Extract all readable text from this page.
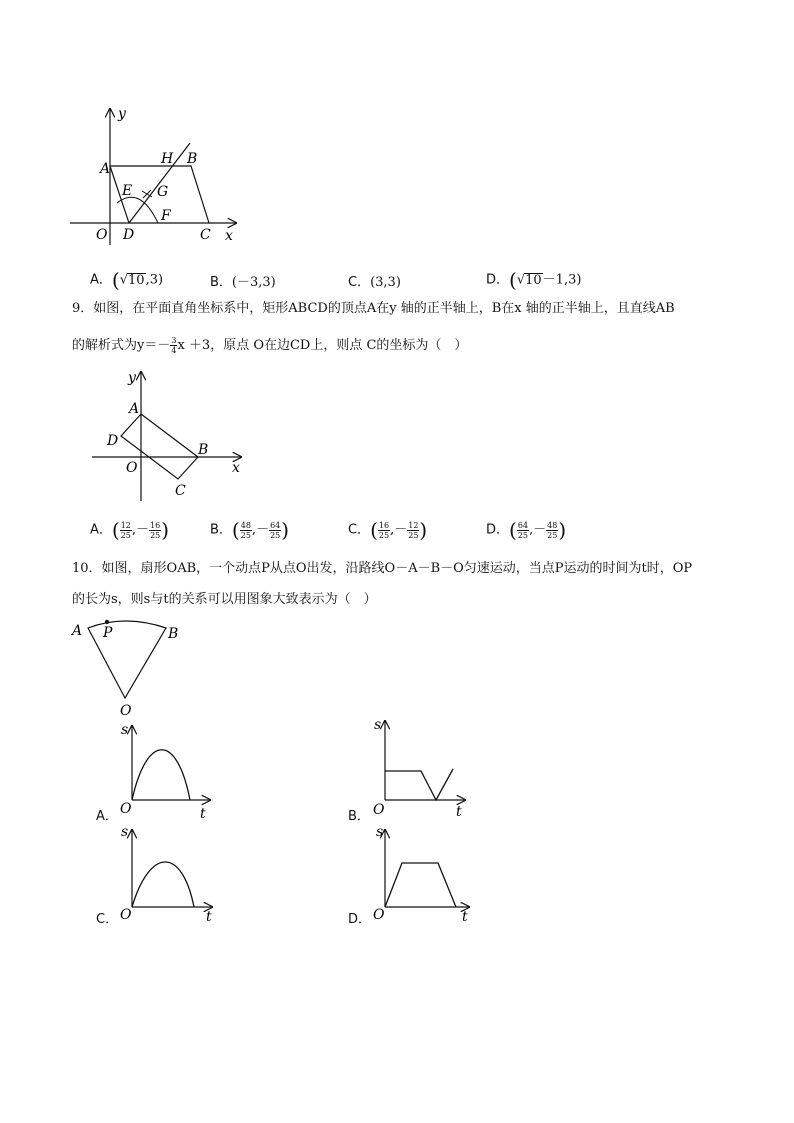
y
x
O
A
B
C
D
E
F
G
H
A．(√10,3)	B．(－3,3)	C．(3,3)	D．(√10－1,3)
9．如图，在平面直角坐标系中，矩形ABCD的顶点A在y 轴的正半轴上，B在x 轴的正半轴上，且直线AB
的解析式为$y=- \frac{3}{4}$ x ＋3，原点 O在边CD上，则点 C的坐标为（　）
y
x
O
A
B
C
D
A．( $\frac{12}{25}$ ,－ $\frac{16}{25}$ )	B．( $\frac{48}{25}$ ,－ $\frac{64}{25}$ )	C．( $\frac{16}{25}$ ,－ $\frac{12}{25}$ )	D．( $\frac{64}{25}$ ,－ $\frac{48}{25}$ )
10．如图，扇形OAB，一个动点P从点O出发，沿路线O－A－B－O匀速运动，当点P运动的时间为t时，OP
的长为s，则s与t的关系可以用图象大致表示为（　）
A	B
O
P
s
O	t
A．
s
O	t
B．
s
O	t
C．
s
O	t
D．
